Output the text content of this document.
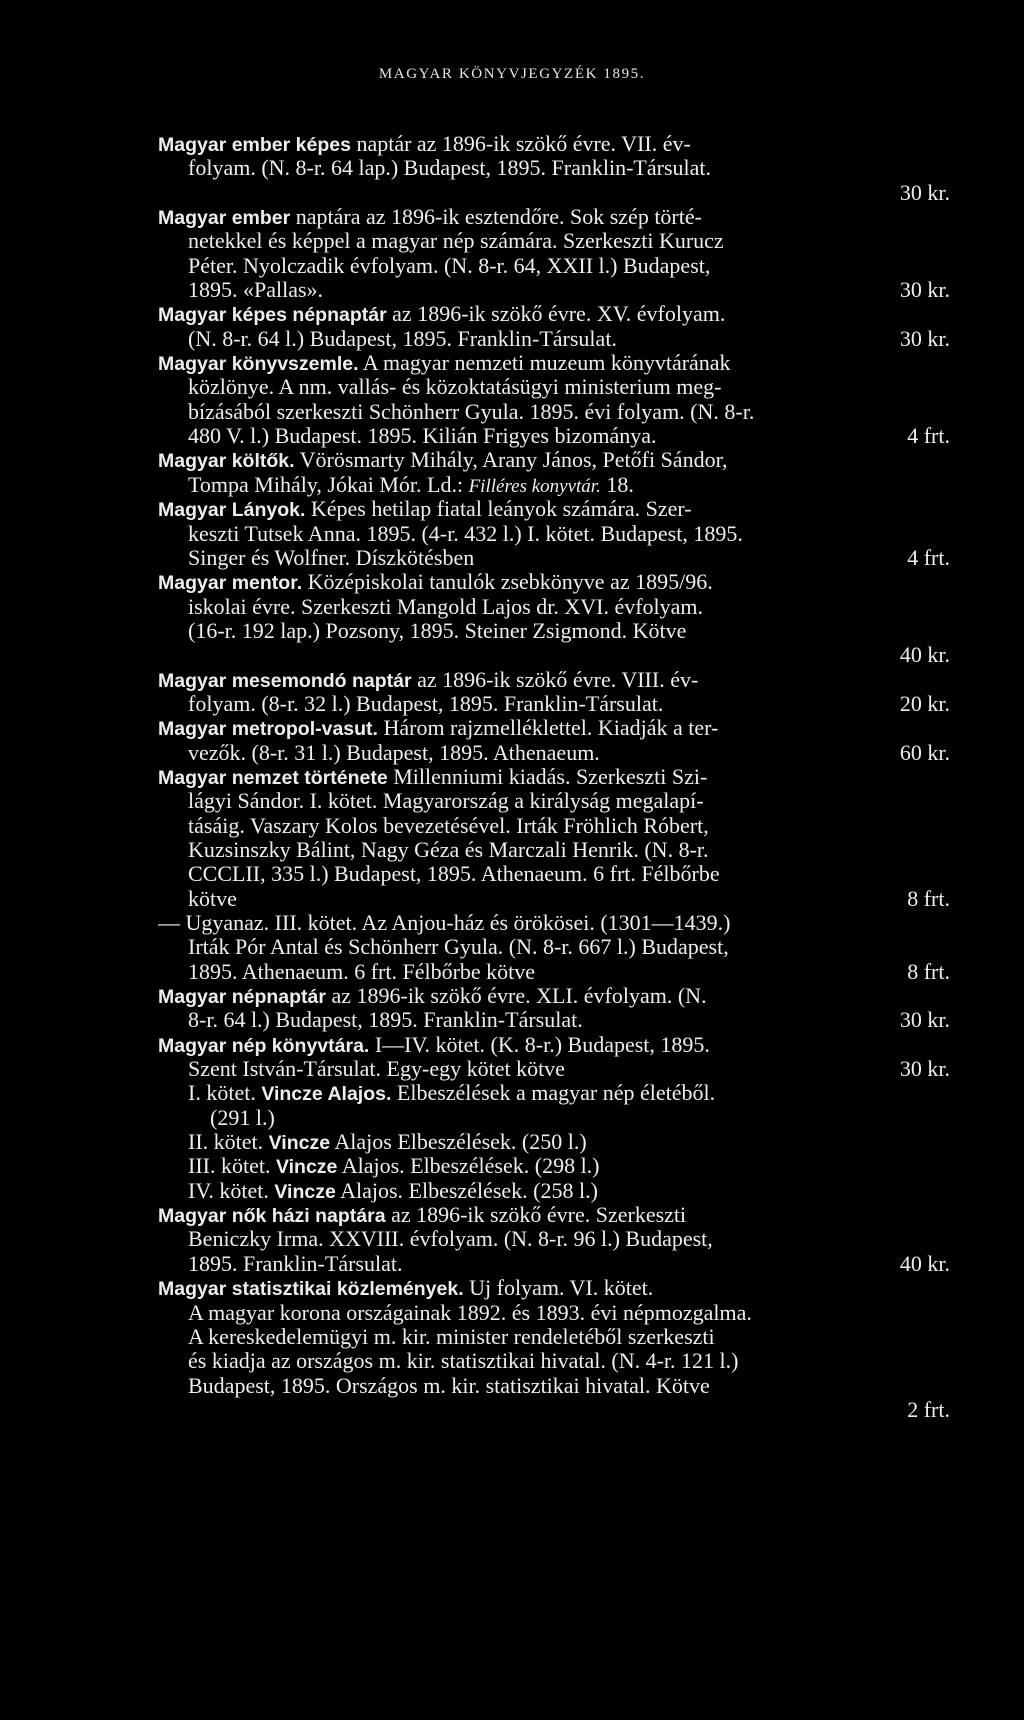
MAGYAR KÖNYVJEGYZÉK 1895.
Magyar ember képes naptár az 1896-ik szökő évre. VII. év-
folyam. (N. 8-r. 64 lap.) Budapest, 1895. Franklin-Társulat.
30 kr.
Magyar ember naptára az 1896-ik esztendőre. Sok szép törté-
netekkel és képpel a magyar nép számára. Szerkeszti Kurucz
Péter. Nyolczadik évfolyam. (N. 8-r. 64, XXII l.) Budapest,
30 kr.
1895. «Pallas».
Magyar képes népnaptár az 1896-ik szökő évre. XV. évfolyam.
30 kr.
(N. 8-r. 64 l.) Budapest, 1895. Franklin-Társulat.
Magyar könyvszemle. A magyar nemzeti muzeum könyvtárának
közlönye. A nm. vallás- és közoktatásügyi ministerium meg-
bízásából szerkeszti Schönherr Gyula. 1895. évi folyam. (N. 8-r.
4 frt.
480 V. l.) Budapest. 1895. Kilián Frigyes bizománya.
Magyar költők. Vörösmarty Mihály, Arany János, Petőfi Sándor,
Tompa Mihály, Jókai Mór. Ld.: Filléres konyvtár. 18.
Magyar Lányok. Képes hetilap fiatal leányok számára. Szer-
keszti Tutsek Anna. 1895. (4-r. 432 l.) I. kötet. Budapest, 1895.
4 frt.
Singer és Wolfner. Díszkötésben
Magyar mentor. Középiskolai tanulók zsebkönyve az 1895/96.
iskolai évre. Szerkeszti Mangold Lajos dr. XVI. évfolyam.
(16-r. 192 lap.) Pozsony, 1895. Steiner Zsigmond. Kötve
40 kr.
Magyar mesemondó naptár az 1896-ik szökő évre. VIII. év-
20 kr.
folyam. (8-r. 32 l.) Budapest, 1895. Franklin-Társulat.
Magyar metropol-vasut. Három rajzmelléklettel. Kiadják a ter-
60 kr.
vezők. (8-r. 31 l.) Budapest, 1895. Athenaeum.
Magyar nemzet története Millenniumi kiadás. Szerkeszti Szi-
lágyi Sándor. I. kötet. Magyarország a királyság megalapí-
tásáig. Vaszary Kolos bevezetésével. Irták Fröhlich Róbert,
Kuzsinszky Bálint, Nagy Géza és Marczali Henrik. (N. 8-r.
CCCLII, 335 l.) Budapest, 1895. Athenaeum. 6 frt. Félbőrbe
8 frt.
kötve
— Ugyanaz. III. kötet. Az Anjou-ház és örökösei. (1301—1439.)
Irták Pór Antal és Schönherr Gyula. (N. 8-r. 667 l.) Budapest,
8 frt.
1895. Athenaeum. 6 frt. Félbőrbe kötve
Magyar népnaptár az 1896-ik szökő évre. XLI. évfolyam. (N.
30 kr.
8-r. 64 l.) Budapest, 1895. Franklin-Társulat.
Magyar nép könyvtára. I—IV. kötet. (K. 8-r.) Budapest, 1895.
30 kr.
Szent István-Társulat. Egy-egy kötet kötve
I. kötet. Vincze Alajos. Elbeszélések a magyar nép életéből.
(291 l.)
II. kötet. Vincze Alajos Elbeszélések. (250 l.)
III. kötet. Vincze Alajos. Elbeszélések. (298 l.)
IV. kötet. Vincze Alajos. Elbeszélések. (258 l.)
Magyar nők házi naptára az 1896-ik szökő évre. Szerkeszti
Beniczky Irma. XXVIII. évfolyam. (N. 8-r. 96 l.) Budapest,
40 kr.
1895. Franklin-Társulat.
Magyar statisztikai közlemények. Uj folyam. VI. kötet.
A magyar korona országainak 1892. és 1893. évi népmozgalma.
A kereskedelemügyi m. kir. minister rendeletéből szerkeszti
és kiadja az országos m. kir. statisztikai hivatal. (N. 4-r. 121 l.)
Budapest, 1895. Országos m. kir. statisztikai hivatal. Kötve
2 frt.
